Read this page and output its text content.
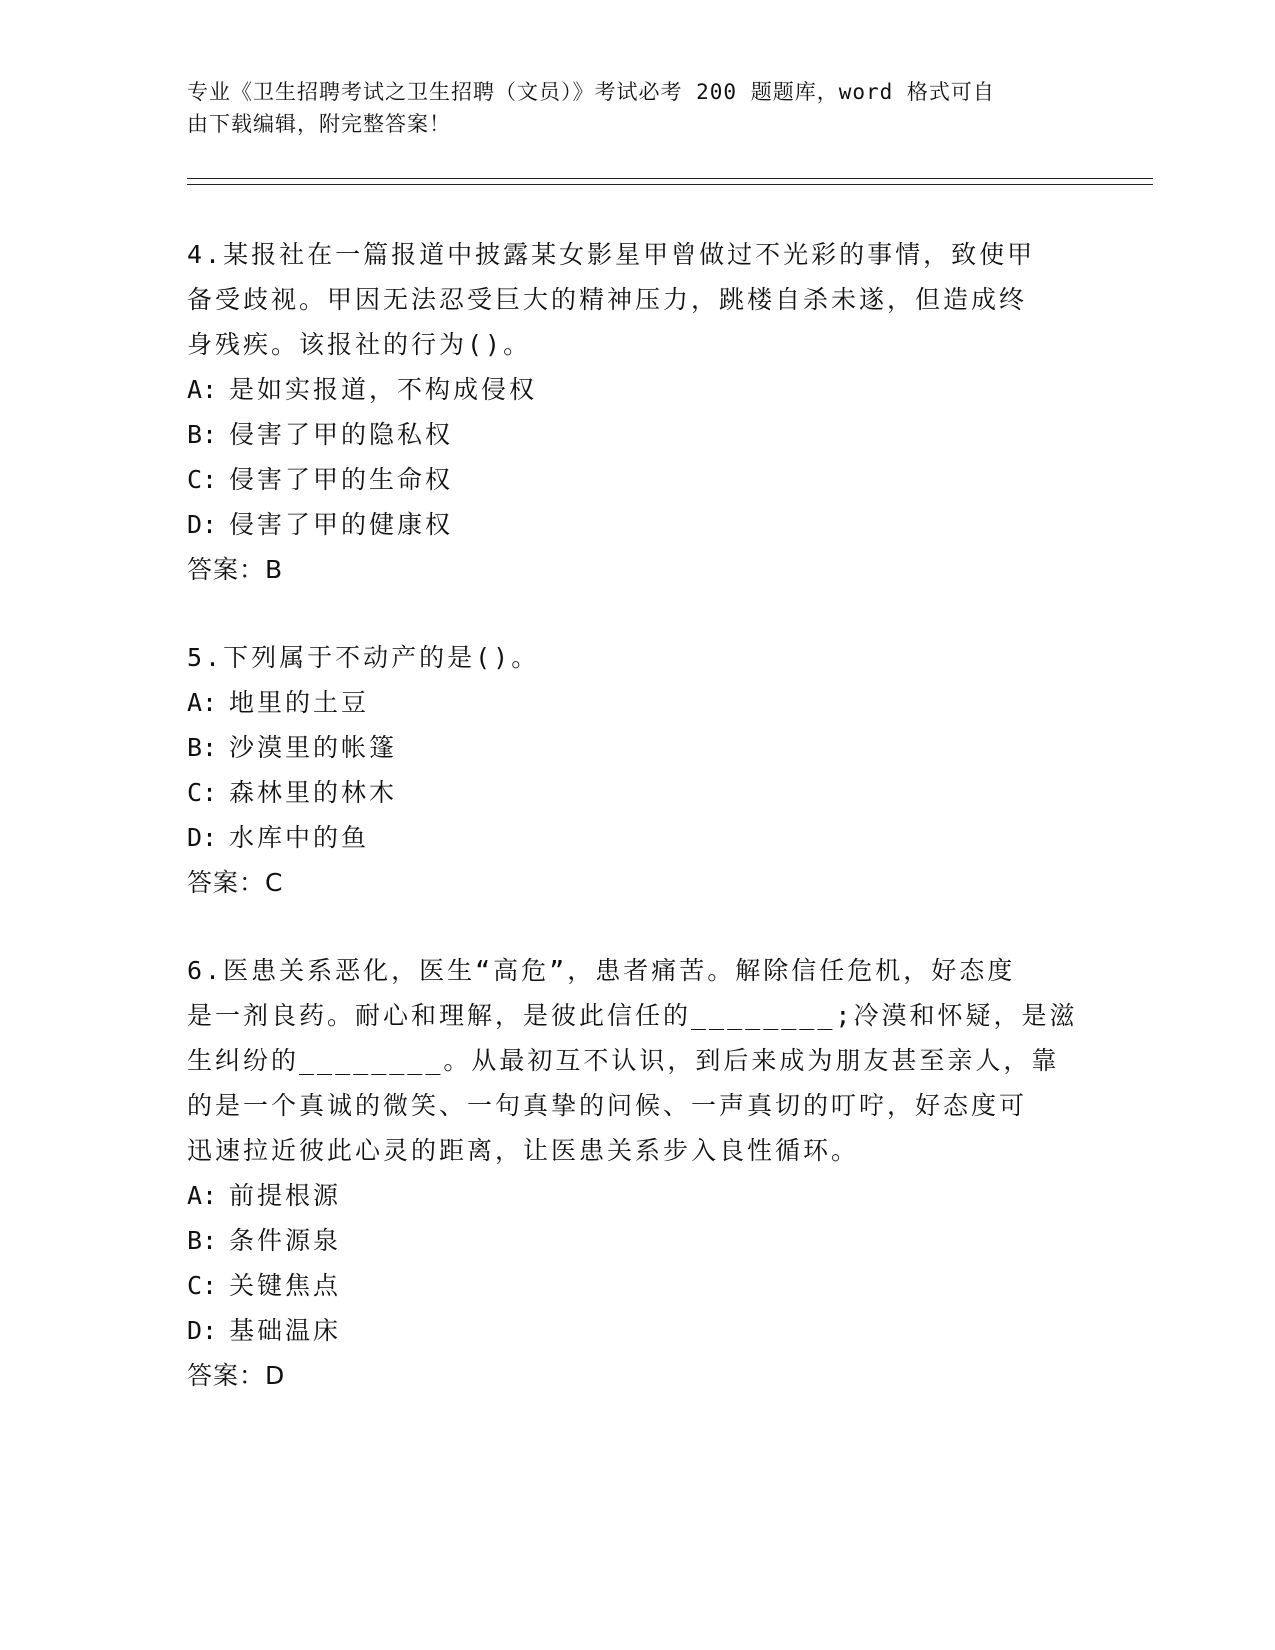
专业《卫生招聘考试之卫生招聘（文员）》考试必考 200 题题库，word 格式可自
由下载编辑，附完整答案！

4.某报社在一篇报道中披露某女影星甲曾做过不光彩的事情，致使甲

备受歧视。甲因无法忍受巨大的精神压力，跳楼自杀未遂，但造成终

身残疾。该报社的行为()。

A: 是如实报道，不构成侵权

B: 侵害了甲的隐私权

C: 侵害了甲的生命权

D: 侵害了甲的健康权

答案：B

5.下列属于不动产的是()。

A: 地里的土豆

B: 沙漠里的帐篷

C: 森林里的林木

D: 水库中的鱼

答案：C

6.医患关系恶化，医生“高危”，患者痛苦。解除信任危机，好态度

是一剂良药。耐心和理解，是彼此信任的________;冷漠和怀疑，是滋

生纠纷的________。从最初互不认识，到后来成为朋友甚至亲人，靠

的是一个真诚的微笑、一句真挚的问候、一声真切的叮咛，好态度可

迅速拉近彼此心灵的距离，让医患关系步入良性循环。

A: 前提根源

B: 条件源泉

C: 关键焦点

D: 基础温床

答案：D
